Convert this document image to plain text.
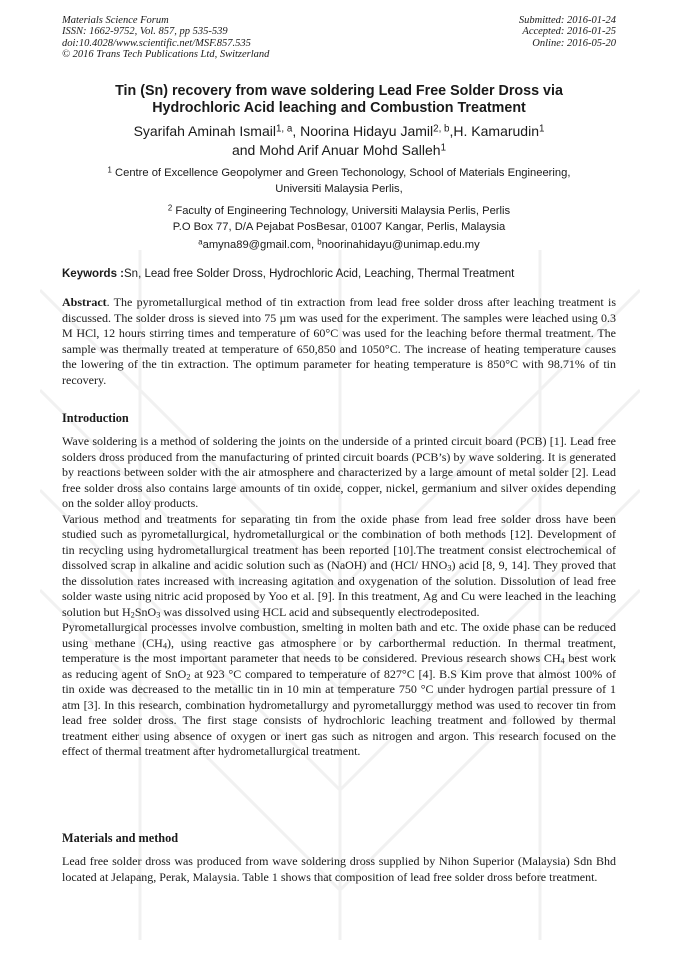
Materials Science Forum
ISSN: 1662-9752, Vol. 857, pp 535-539
doi:10.4028/www.scientific.net/MSF.857.535
© 2016 Trans Tech Publications Ltd, Switzerland
Submitted: 2016-01-24
Accepted: 2016-01-25
Online: 2016-05-20
Tin (Sn) recovery from wave soldering Lead Free Solder Dross via
Hydrochloric Acid leaching and Combustion Treatment
Syarifah Aminah Ismail$^{1, a}$, Noorina Hidayu Jamil$^{2, b}$,H. Kamarudin$^1$
and Mohd Arif Anuar Mohd Salleh$^1$
$^1$ Centre of Excellence Geopolymer and Green Techonology, School of Materials Engineering,
Universiti Malaysia Perlis,
$^2$ Faculty of Engineering Technology, Universiti Malaysia Perlis, Perlis
P.O Box 77, D/A Pejabat PosBesar, 01007 Kangar, Perlis, Malaysia
$^a$amyna89@gmail.com, $^b$noorinahidayu@unimap.edu.my
Keywords :Sn, Lead free Solder Dross, Hydrochloric Acid, Leaching, Thermal Treatment

Abstract. The pyrometallurgical method of tin extraction from lead free solder dross after leaching treatment is discussed. The solder dross is sieved into 75 µm was used for the experiment. The samples were leached using 0.3 M HCl, 12 hours stirring times and temperature of 60°C was used for the leaching before thermal treatment. The sample was thermally treated at temperature of 650,850 and 1050°C. The increase of heating temperature causes the lowering of the tin extraction. The optimum parameter for heating temperature is 850°C with 98.71% of tin recovery.

Introduction

Wave soldering is a method of soldering the joints on the underside of a printed circuit board (PCB) [1]. Lead free solders dross produced from the manufacturing of printed circuit boards (PCB’s) by wave soldering. It is generated by reactions between solder with the air atmosphere and characterized by a large amount of metal solder [2]. Lead free solder dross also contains large amounts of tin oxide, copper, nickel, germanium and silver oxides depending on the solder alloy products.

Various method and treatments for separating tin from the oxide phase from lead free solder dross have been studied such as pyrometallurgical, hydrometallurgical or the combination of both methods [12]. Development of tin recycling using hydrometallurgical treatment has been reported [10].The treatment consist electrochemical of dissolved scrap in alkaline and acidic solution such as (NaOH) and (HCl/ $HNO_3$) acid [8, 9, 14]. They proved that the dissolution rates increased with increasing agitation and oxygenation of the solution. Dissolution of lead free solder waste using nitric acid proposed by Yoo et al. [9]. In this treatment, Ag and Cu were leached in the leaching solution but $H_2SnO_3$ was dissolved using HCL acid and subsequently electrodeposited.

Pyrometallurgical processes involve combustion, smelting in molten bath and etc. The oxide phase can be reduced using methane $(CH_4)$, using reactive gas atmosphere or by carborthermal reduction. In thermal treatment, temperature is the most important parameter that needs to be considered. Previous research shows $CH_4$ best work as reducing agent of SnO$_2$ at 923 °C compared to temperature of 827°C [4]. B.S Kim prove that almost 100% of tin oxide was decreased to the metallic tin in 10 min at temperature 750 °C under hydrogen partial pressure of 1 atm [3]. In this research, combination hydrometallurgy and pyrometallurggy method was used to recover tin from lead free solder dross. The first stage consists of hydrochloric leaching treatment and followed by thermal treatment either using absence of oxygen or inert gas such as nitrogen and argon. This research focused on the effect of thermal treatment after hydrometallurgical treatment.

Materials and method

Lead free solder dross was produced from wave soldering dross supplied by Nihon Superior (Malaysia) Sdn Bhd located at Jelapang, Perak, Malaysia. Table 1 shows that composition of lead free solder dross before treatment.
